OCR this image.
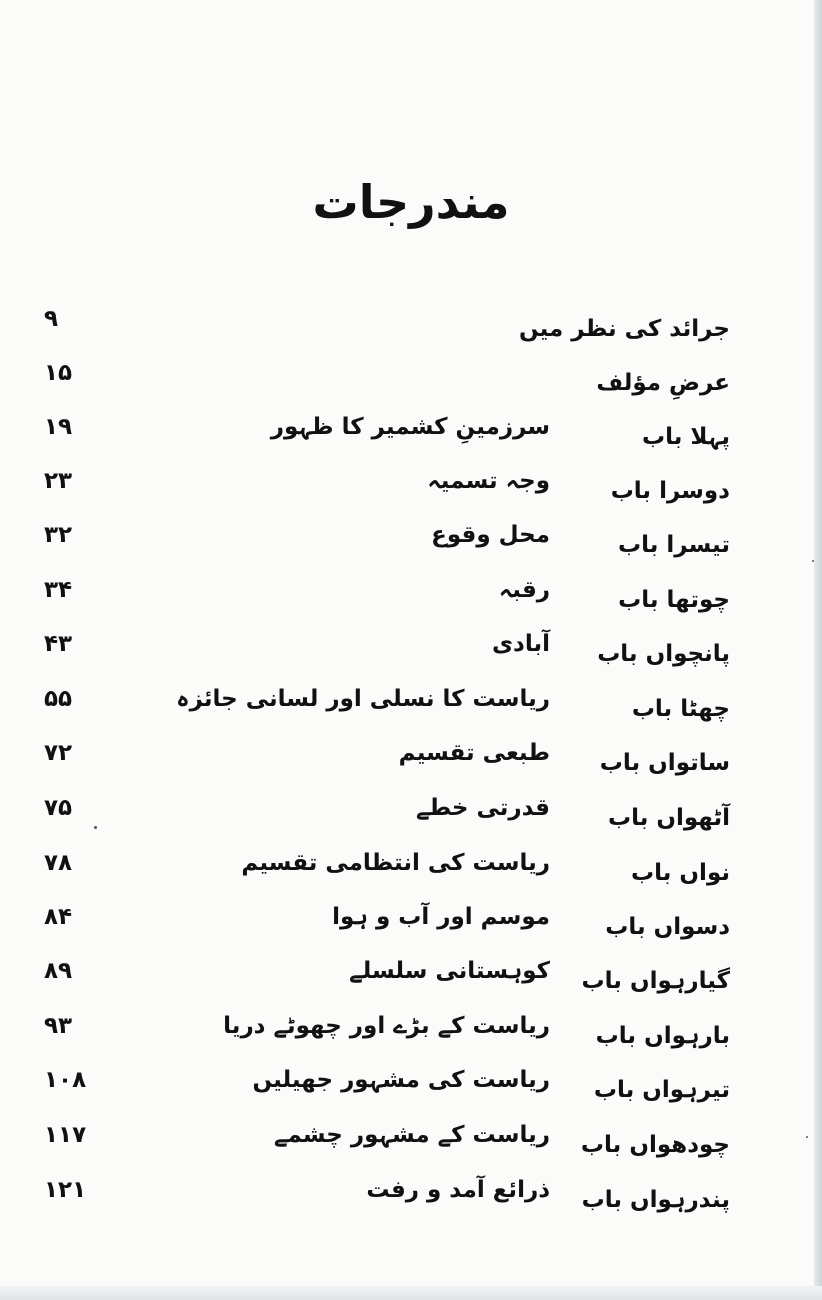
مندرجات
جرائد کی نظر میں
۹
عرضِ مؤلف
۱۵
پہلا باب
سرزمینِ کشمیر کا ظہور
۱۹
دوسرا باب
وجہ تسمیہ
۲۳
تیسرا باب
محل وقوع
۳۲
چوتھا باب
رقبہ
۳۴
پانچواں باب
آبادی
۴۳
چھٹا باب
ریاست کا نسلی اور لسانی جائزہ
۵۵
ساتواں باب
طبعی تقسیم
۷۲
آٹھواں باب
قدرتی خطے
۷۵
نواں باب
ریاست کی انتظامی تقسیم
۷۸
دسواں باب
موسم اور آب و ہوا
۸۴
گیارہواں باب
کوہستانی سلسلے
۸۹
بارہواں باب
ریاست کے بڑے اور چھوٹے دریا
۹۳
تیرہواں باب
ریاست کی مشہور جھیلیں
۱۰۸
چودھواں باب
ریاست کے مشہور چشمے
۱۱۷
پندرہواں باب
ذرائع آمد و رفت
۱۲۱
